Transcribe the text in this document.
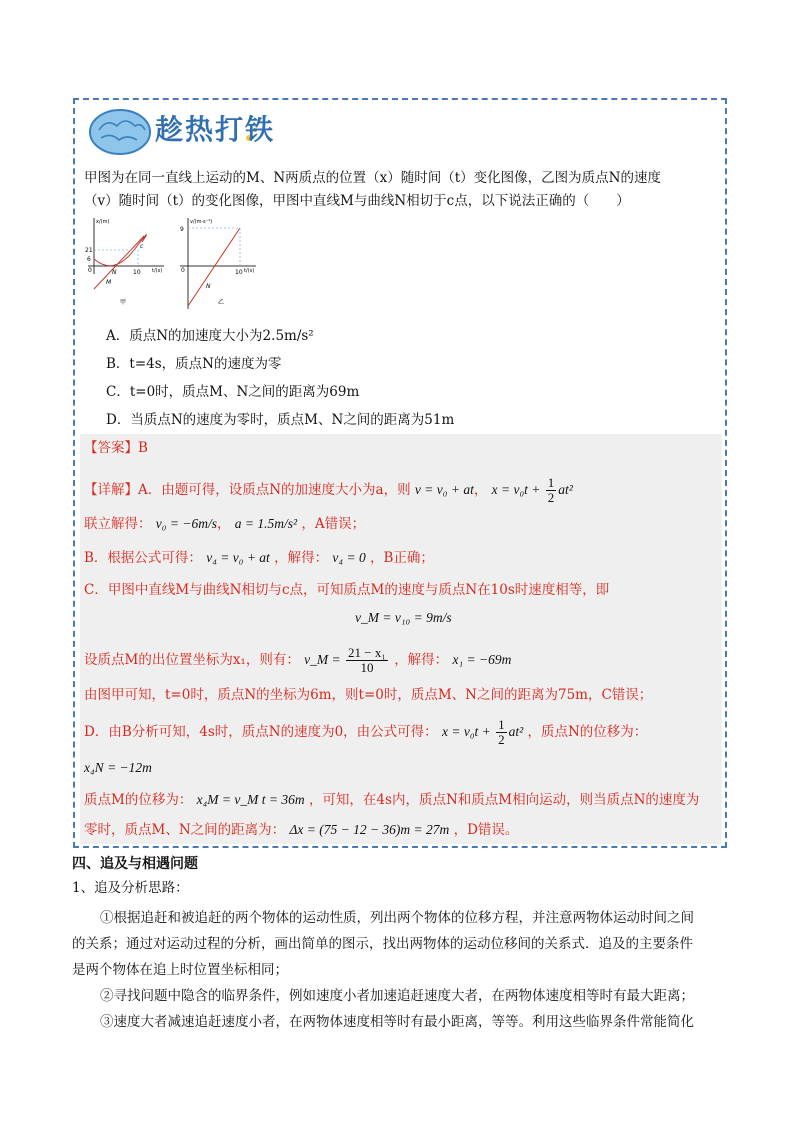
趁热打铁
甲图为在同一直线上运动的M、N两质点的位置（x）随时间（t）变化图像，乙图为质点N的速度
（v）随时间（t）的变化图像，甲图中直线M与曲线N相切于c点，以下说法正确的（　　）
x/(m)
21
6
0	10 t/(s)
c
M
N
甲
v/(m·s⁻¹)
9
0	10 t/(s)
N
乙
A．质点N的加速度大小为2.5m/s²
B．t=4s，质点N的速度为零
C．t=0时，质点M、N之间的距离为69m
D．当质点N的速度为零时，质点M、N之间的距离为51m
【答案】B
【详解】A．由题可得，设质点N的加速度大小为a，则 v = v₀ + at， $x = v_0t + \frac{1}{2} at^2$
联立解得： v₀ = −6m/s， a = 1.5m/s² ，A错误；
B．根据公式可得： v₄ = v₀ + at ，解得： v₄ = 0 ，B正确；
C．甲图中直线M与曲线N相切与c点，可知质点M的速度与质点N在10s时速度相等，即
v_M = v₁₀ = 9m/s
设质点M的出位置坐标为x₁，则有： v_M = $\frac{\text{21 − x₁}}{10}$ ，解得： x₁ = −69m
由图甲可知，t=0时，质点N的坐标为6m，则t=0时，质点M、N之间的距离为75m，C错误；
D．由B分析可知，4s时，质点N的速度为0，由公式可得： $x = v_0t + \frac{1}{2} at^2$ ，质点N的位移为：
x₄N = −12m
质点M的位移为： x₄M = v_M t = 36m ，可知，在4s内，质点N和质点M相向运动，则当质点N的速度为
零时，质点M、N之间的距离为： Δx = (75 − 12 − 36)m = 27m ，D错误。
四、追及与相遇问题
1、追及分析思路：
①根据追赶和被追赶的两个物体的运动性质，列出两个物体的位移方程，并注意两物体运动时间之间
的关系；通过对运动过程的分析，画出简单的图示，找出两物体的运动位移间的关系式．追及的主要条件
是两个物体在追上时位置坐标相同；
②寻找问题中隐含的临界条件，例如速度小者加速追赶速度大者，在两物体速度相等时有最大距离；
③速度大者减速追赶速度小者，在两物体速度相等时有最小距离，等等。利用这些临界条件常能简化
